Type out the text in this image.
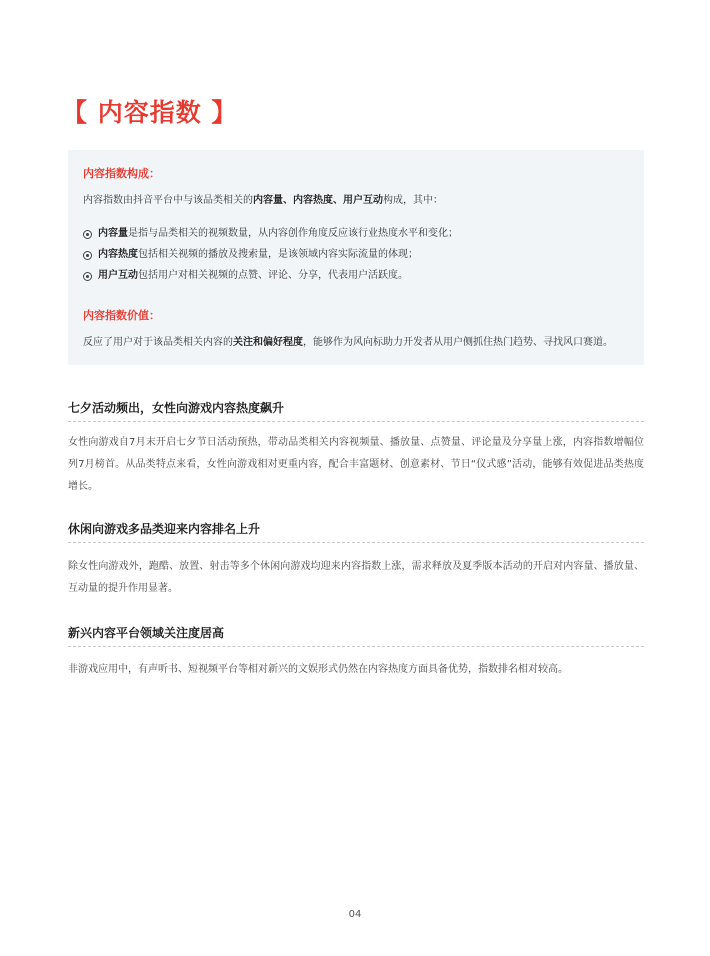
【 内容指数 】
内容指数构成：
内容指数由抖音平台中与该品类相关的内容量、内容热度、用户互动构成，其中：
内容量 是指与品类相关的视频数量，从内容创作角度反应该行业热度水平和变化；
内容热度 包括相关视频的播放及搜索量，是该领域内容实际流量的体现；
用户互动 包括用户对相关视频的点赞、评论、分享，代表用户活跃度。
内容指数价值：
反应了用户对于该品类相关内容的关注和偏好程度，能够作为风向标助力开发者从用户侧抓住热门趋势、寻找风口赛道。
七夕活动频出，女性向游戏内容热度飙升
女性向游戏自7月末开启七夕节日活动预热，带动品类相关内容视频量、播放量、点赞量、评论量及分享量上涨，内容指数增幅位列7月榜首。从品类特点来看，女性向游戏相对更重内容，配合丰富题材、创意素材、节日“仪式感”活动，能够有效促进品类热度增长。
休闲向游戏多品类迎来内容排名上升
除女性向游戏外，跑酷、放置、射击等多个休闲向游戏均迎来内容指数上涨，需求释放及夏季版本活动的开启对内容量、播放量、互动量的提升作用显著。
新兴内容平台领域关注度居高
非游戏应用中，有声听书、短视频平台等相对新兴的文娱形式仍然在内容热度方面具备优势，指数排名相对较高。
04
